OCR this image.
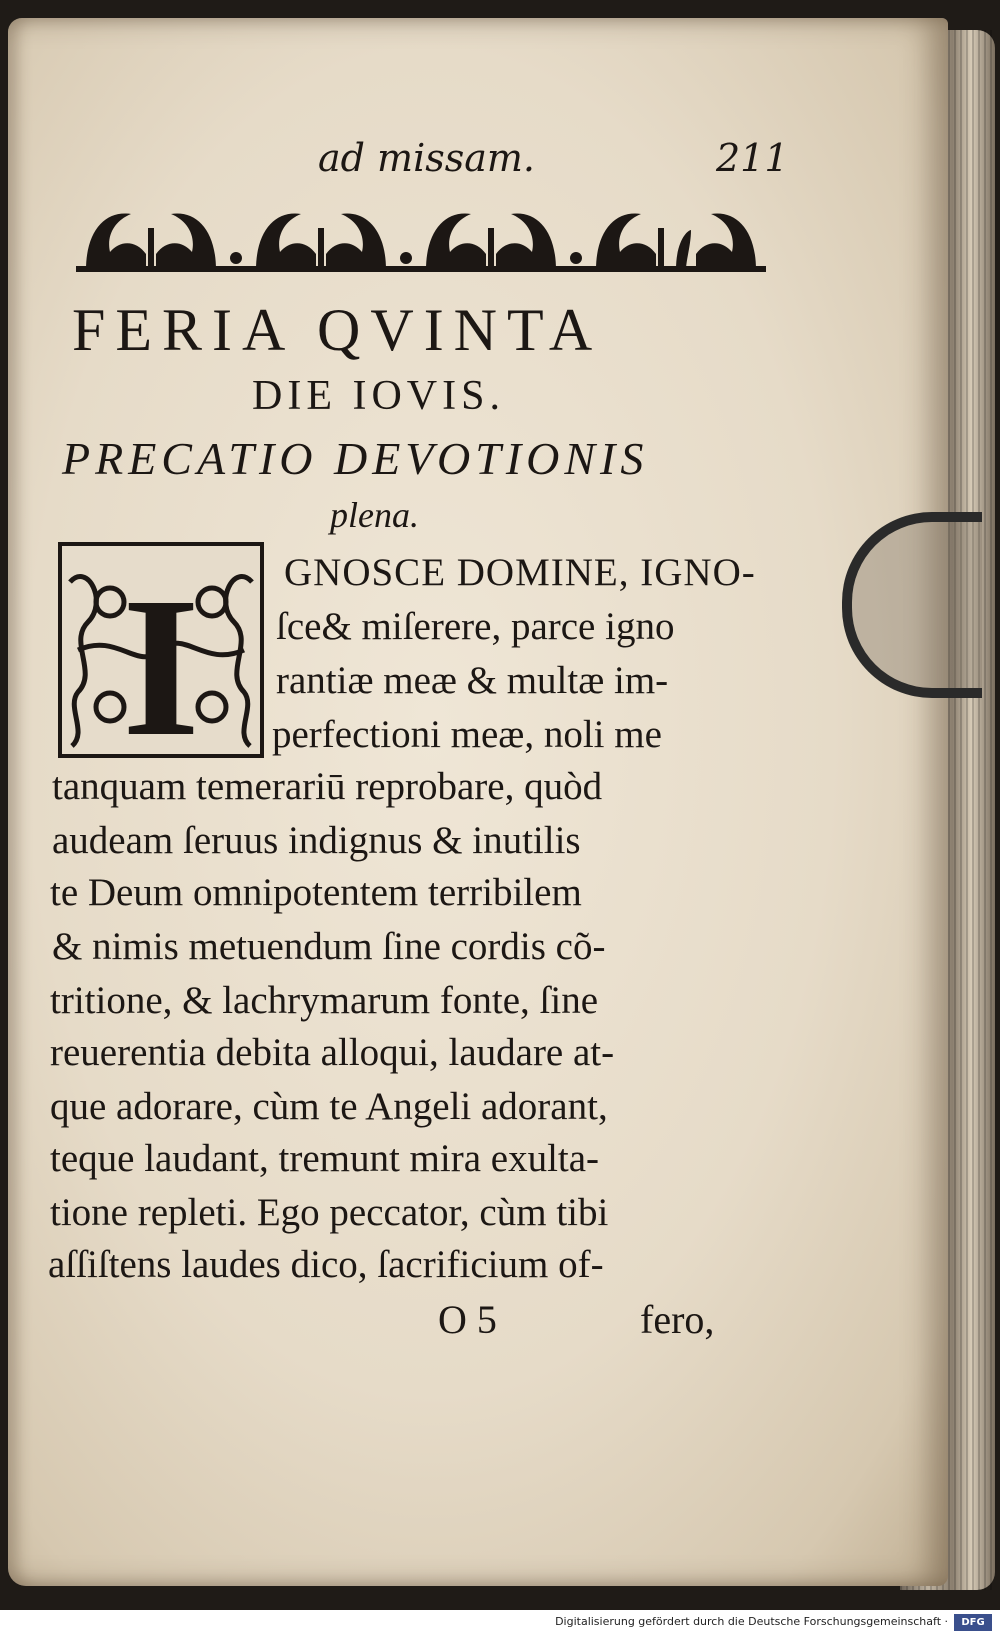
ad missam.	211
FERIA QVINTA
DIE IOVIS.
PRECATIO DEVOTIONIS
plena.
I GNOSCE DOMINE, IGNO-
ſce& miſerere, parce igno
rantiæ meæ & multæ im-
perfectioni meæ, noli me
tanquam temerariū reprobare, quòd
audeam ſeruus indignus & inutilis
te Deum omnipotentem terribilem
& nimis metuendum ſine cordis cõ-
tritione, & lachrymarum fonte, ſine
reuerentia debita alloqui, laudare at-
que adorare, cùm te Angeli adorant,
teque laudant, tremunt mira exulta-
tione repleti. Ego peccator, cùm tibi
aſſiſtens laudes dico, ſacrificium of-
O 5	fero,
Digitalisierung gefördert durch die Deutsche Forschungsgemeinschaft ·	DFG
